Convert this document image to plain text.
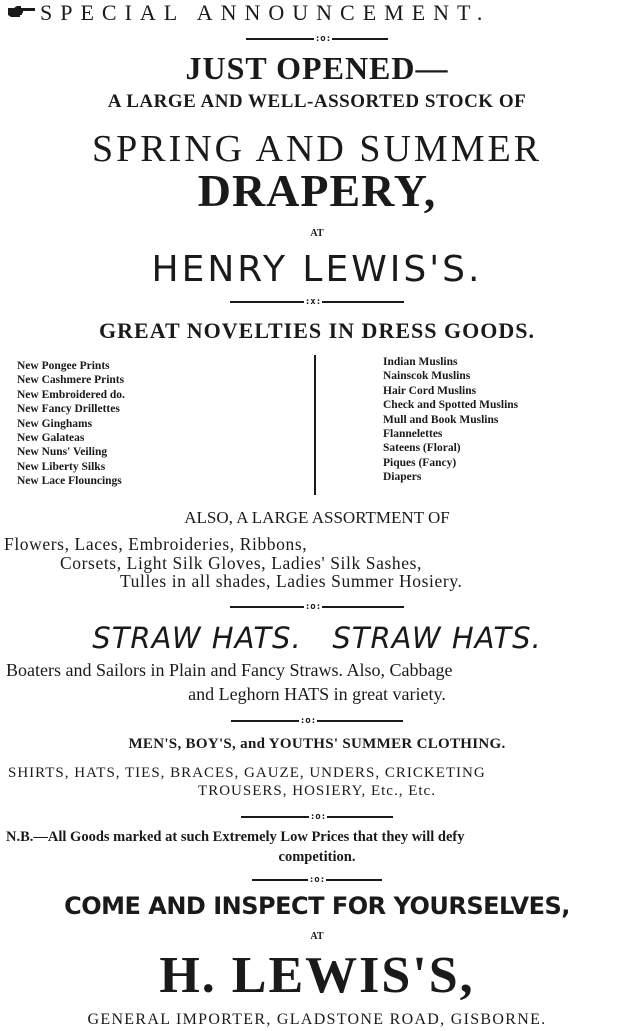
SPECIAL ANNOUNCEMENT.
:o:
JUST OPENED—
A LARGE AND WELL-ASSORTED STOCK OF
SPRING AND SUMMER
DRAPERY,
AT
HENRY LEWIS'S.
:x:
GREAT NOVELTIES IN DRESS GOODS.
New Pongee Prints
New Cashmere Prints
New Embroidered do.
New Fancy Drillettes
New Ginghams
New Galateas
New Nuns' Veiling
New Liberty Silks
New Lace Flouncings
Indian Muslins
Nainscok Muslins
Hair Cord Muslins
Check and Spotted Muslins
Mull and Book Muslins
Flannelettes
Sateens (Floral)
Piques (Fancy)
Diapers
ALSO, A LARGE ASSORTMENT OF
Flowers, Laces, Embroideries, Ribbons,
Corsets, Light Silk Gloves, Ladies' Silk Sashes,
Tulles in all shades, Ladies Summer Hosiery.
:o:
STRAW HATS.   STRAW HATS.
Boaters and Sailors in Plain and Fancy Straws. Also, Cabbage
and Leghorn HATS in great variety.
:o:
MEN'S, BOY'S, and YOUTHS' SUMMER CLOTHING.
SHIRTS, HATS, TIES, BRACES, GAUZE, UNDERS, CRICKETING
TROUSERS, HOSIERY, Etc., Etc.
:o:
N.B.—All Goods marked at such Extremely Low Prices that they will defy
competition.
:o:
COME AND INSPECT FOR YOURSELVES,
AT
H. LEWIS'S,
GENERAL IMPORTER, GLADSTONE ROAD, GISBORNE.
